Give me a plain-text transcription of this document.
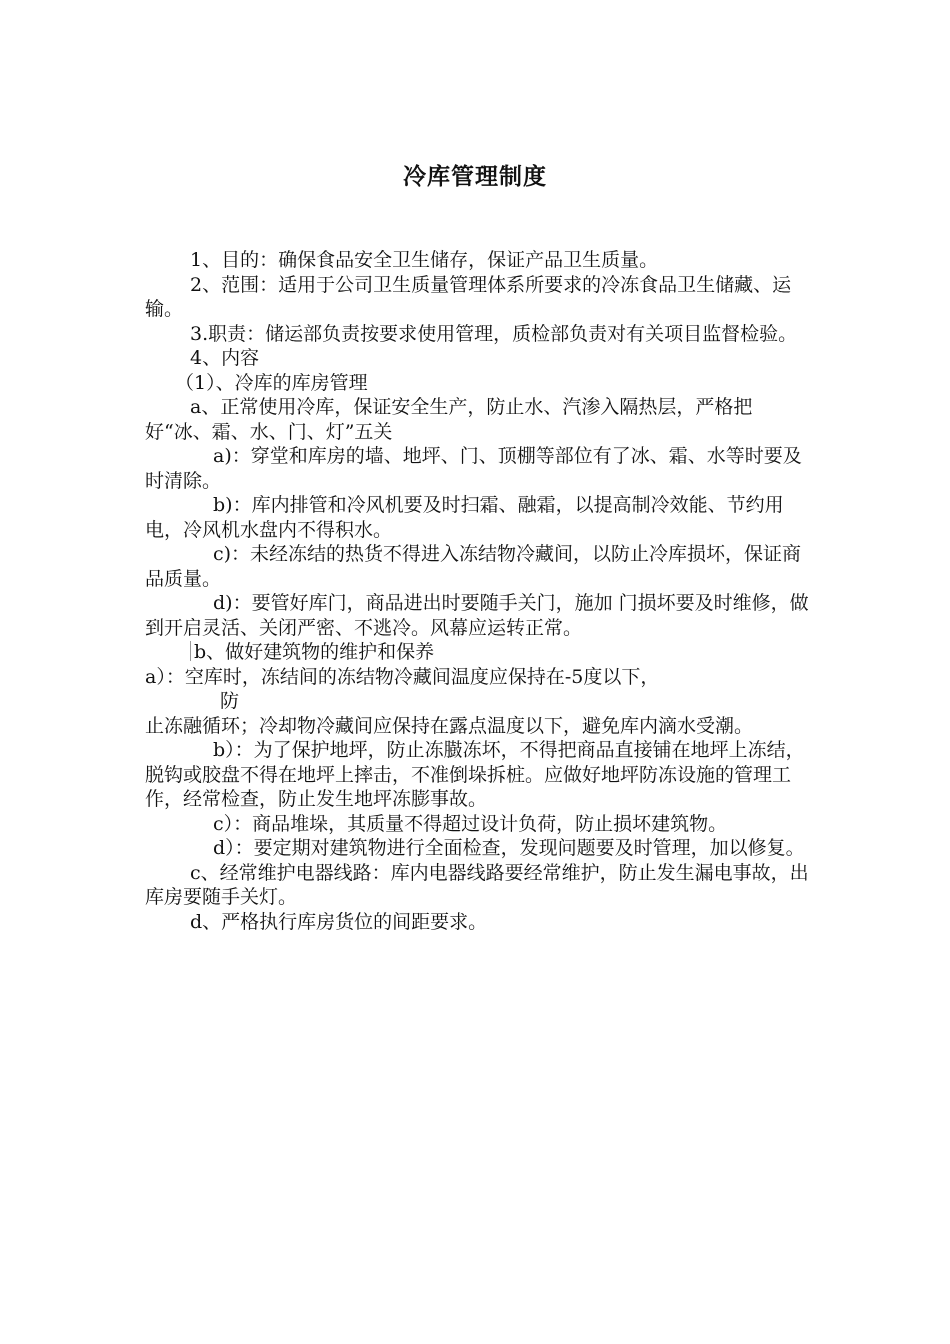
冷库管理制度

1、目的：确保食品安全卫生储存，保证产品卫生质量。

2、范围：适用于公司卫生质量管理体系所要求的冷冻食品卫生储藏、运输。

3.职责：储运部负责按要求使用管理，质检部负责对有关项目监督检验。

4、内容

（1）、冷库的库房管理

a、正常使用冷库，保证安全生产，防止水、汽渗入隔热层，严格把好“冰、霜、水、门、灯”五关

a)：穿堂和库房的墙、地坪、门、顶棚等部位有了冰、霜、水等时要及时清除。

b)：库内排管和冷风机要及时扫霜、融霜，以提高制冷效能、节约用电，冷风机水盘内不得积水。

c)：未经冻结的热货不得进入冻结物冷藏间，以防止冷库损坏，保证商品质量。

d)：要管好库门，商品进出时要随手关门，施加 门损坏要及时维修，做到开启灵活、关闭严密、不逃冷。风幕应运转正常。

b、做好建筑物的维护和保养

a）：空库时，冻结间的冻结物冷藏间温度应保持在-5度以下，

防

止冻融循环；冷却物冷藏间应保持在露点温度以下，避免库内滴水受潮。

b）：为了保护地坪，防止冻臌冻坏，不得把商品直接铺在地坪上冻结，脱钩或胶盘不得在地坪上摔击，不准倒垛拆桩。应做好地坪防冻设施的管理工作，经常检查，防止发生地坪冻膨事故。

c）：商品堆垛，其质量不得超过设计负荷，防止损坏建筑物。

d）：要定期对建筑物进行全面检查，发现问题要及时管理，加以修复。

c、经常维护电器线路：库内电器线路要经常维护，防止发生漏电事故，出库房要随手关灯。

d、严格执行库房货位的间距要求。
